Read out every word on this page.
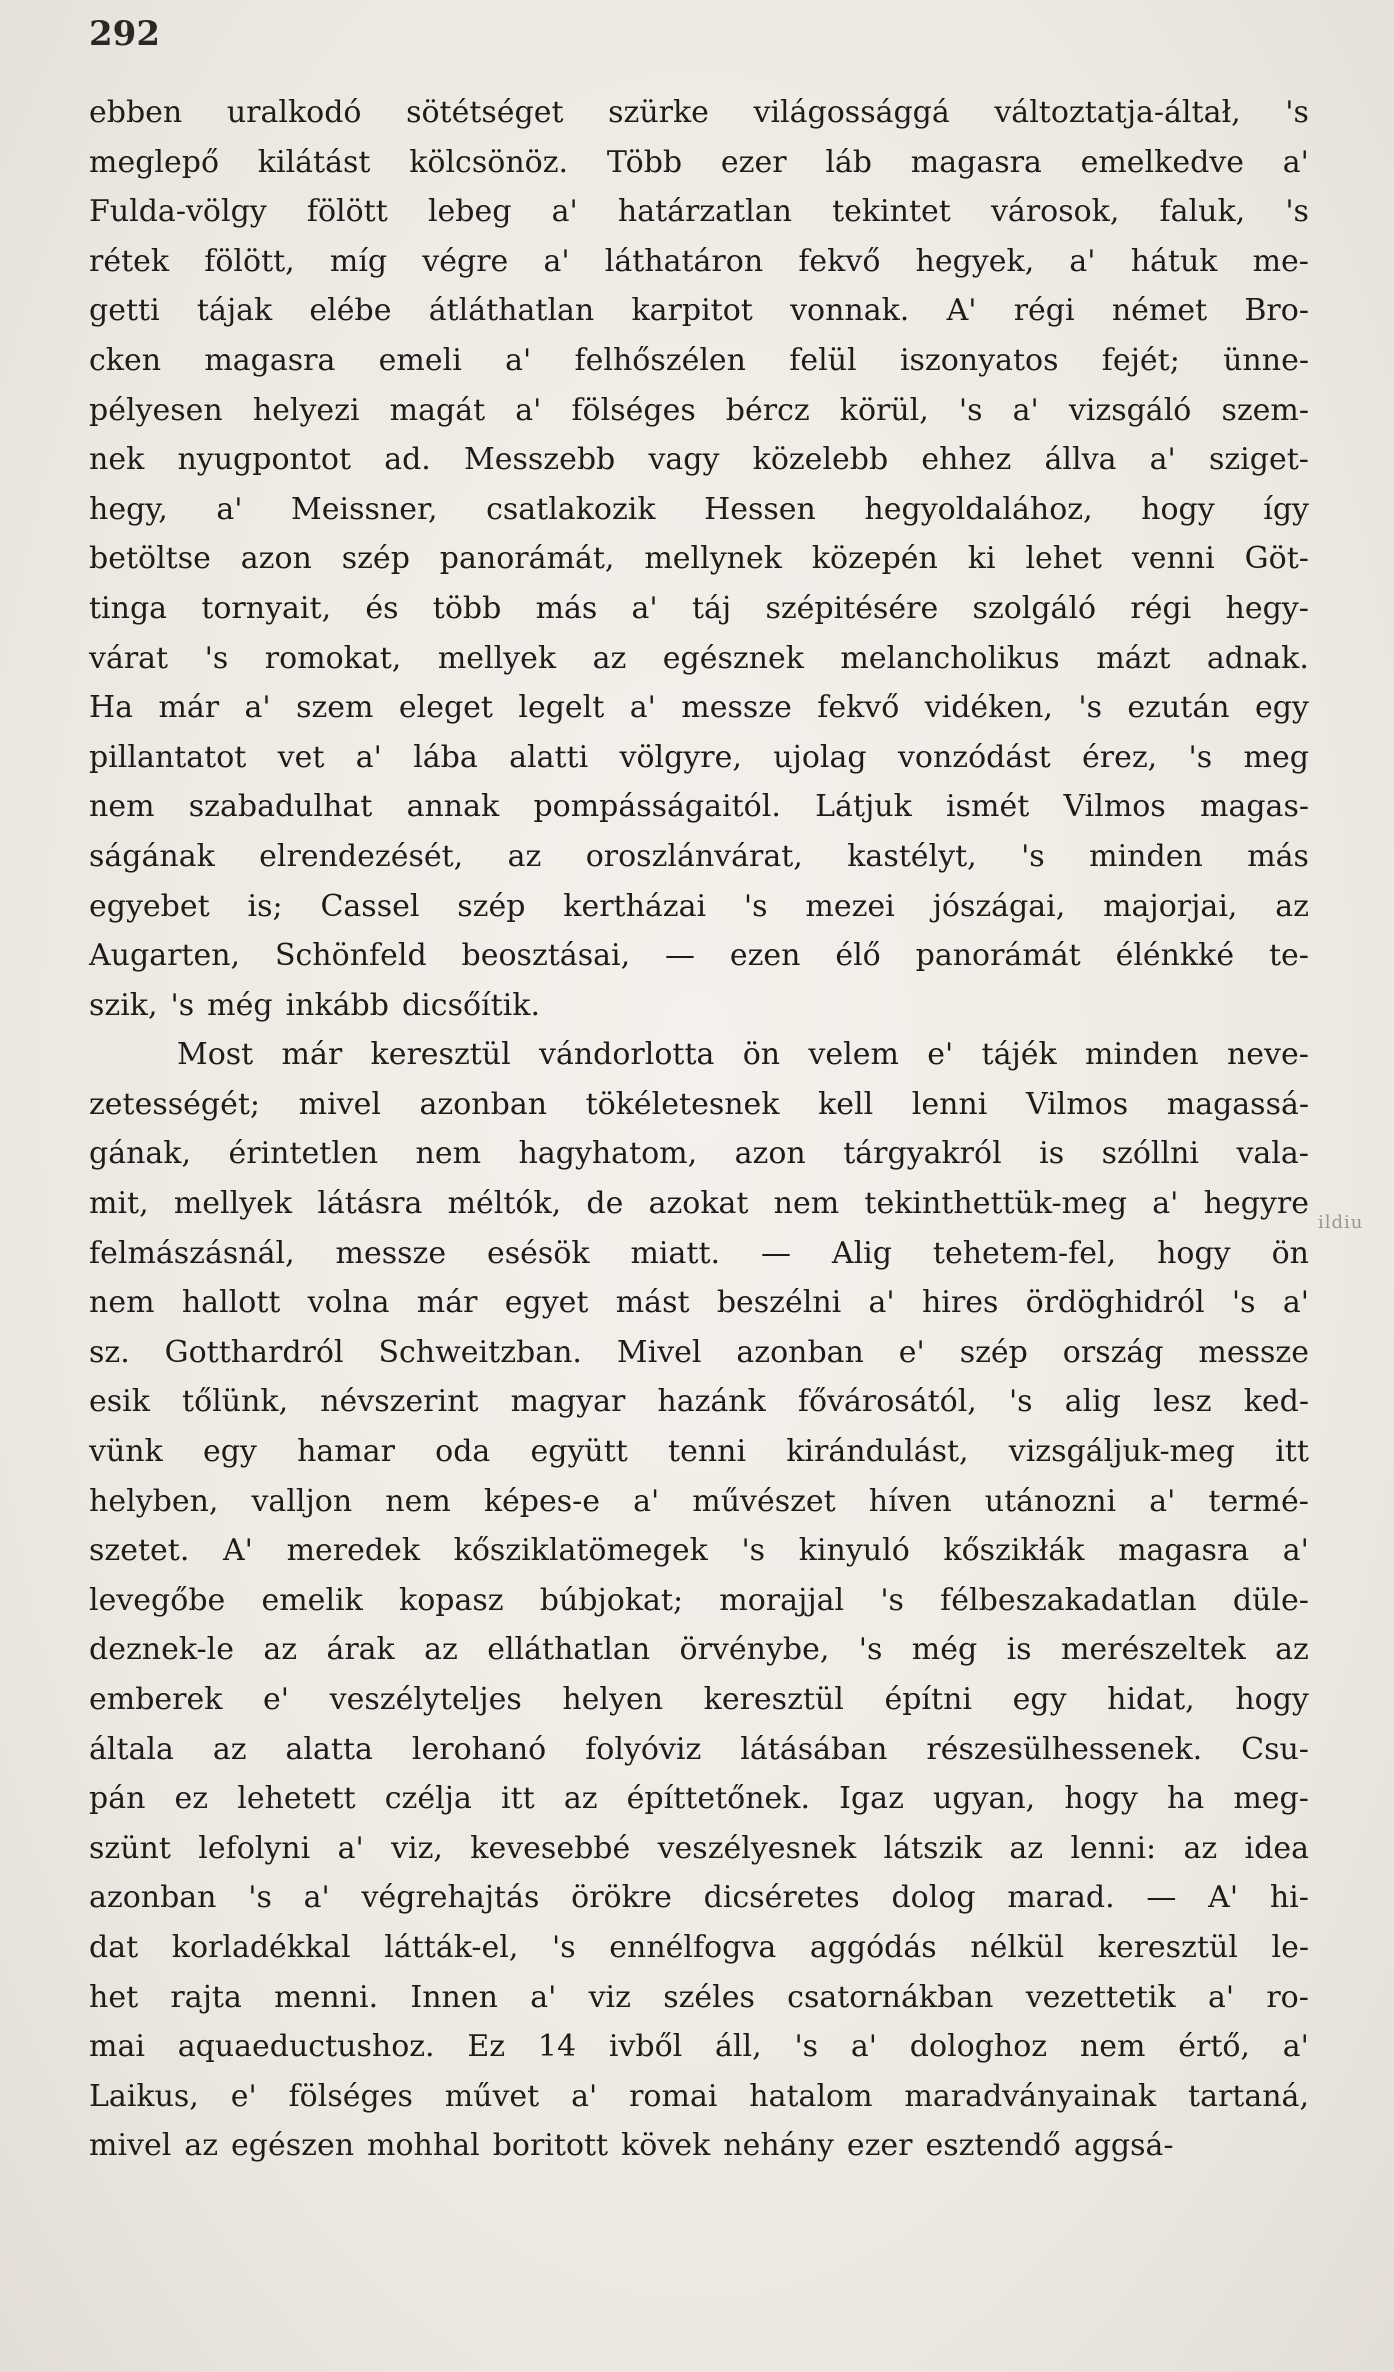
292
ebben uralkodó sötétséget szürke világossággá változtatja-áltał, 's
meglepő kilátást kölcsönöz. Több ezer láb magasra emelkedve a'
Fulda-völgy fölött lebeg a' határzatlan tekintet városok, faluk, 's
rétek fölött, míg végre a' láthatáron fekvő hegyek, a' hátuk me-
getti tájak elébe átláthatlan karpitot vonnak. A' régi német Bro-
cken magasra emeli a' felhőszélen felül iszonyatos fejét; ünne-
pélyesen helyezi magát a' fölséges bércz körül, 's a' vizsgáló szem-
nek nyugpontot ad. Messzebb vagy közelebb ehhez állva a' sziget-
hegy, a' Meissner, csatlakozik Hessen hegyoldalához, hogy így
betöltse azon szép panorámát, mellynek közepén ki lehet venni Göt-
tinga tornyait, és több más a' táj szépitésére szolgáló régi hegy-
várat 's romokat, mellyek az egésznek melancholikus mázt adnak.
Ha már a' szem eleget legelt a' messze fekvő vidéken, 's ezután egy
pillantatot vet a' lába alatti völgyre, ujolag vonzódást érez, 's meg
nem szabadulhat annak pompásságaitól. Látjuk ismét Vilmos magas-
ságának elrendezését, az oroszlánvárat, kastélyt, 's minden más
egyebet is; Cassel szép kertházai 's mezei jószágai, majorjai, az
Augarten, Schönfeld beosztásai, — ezen élő panorámát élénkké te-
szik, 's még inkább dicsőítik.
Most már keresztül vándorlotta ön velem e' tájék minden neve-
zetességét; mivel azonban tökéletesnek kell lenni Vilmos magassá-
gának, érintetlen nem hagyhatom, azon tárgyakról is szóllni vala-
mit, mellyek látásra méltók, de azokat nem tekinthettük-meg a' hegyre
felmászásnál, messze esésök miatt. — Alig tehetem-fel, hogy ön
nem hallott volna már egyet mást beszélni a' hires ördöghidról 's a'
sz. Gotthardról Schweitzban. Mivel azonban e' szép ország messze
esik tőlünk, névszerint magyar hazánk fővárosától, 's alig lesz ked-
vünk egy hamar oda együtt tenni kirándulást, vizsgáljuk-meg itt
helyben, valljon nem képes-e a' művészet híven utánozni a' termé-
szetet. A' meredek kősziklatömegek 's kinyuló kőszikłák magasra a'
levegőbe emelik kopasz búbjokat; morajjal 's félbeszakadatlan düle-
deznek-le az árak az elláthatlan örvénybe, 's még is merészeltek az
emberek e' veszélyteljes helyen keresztül építni egy hidat, hogy
általa az alatta lerohanó folyóviz látásában részesülhessenek. Csu-
pán ez lehetett czélja itt az építtetőnek. Igaz ugyan, hogy ha meg-
szünt lefolyni a' viz, kevesebbé veszélyesnek látszik az lenni: az idea
azonban 's a' végrehajtás örökre dicséretes dolog marad. — A' hi-
dat korladékkal látták-el, 's ennélfogva aggódás nélkül keresztül le-
het rajta menni. Innen a' viz széles csatornákban vezettetik a' ro-
mai aquaeductushoz. Ez 14 ivből áll, 's a' dologhoz nem értő, a'
Laikus, e' fölséges művet a' romai hatalom maradványainak tartaná,
mivel az egészen mohhal boritott kövek nehány ezer esztendő aggsá-
ildiu
